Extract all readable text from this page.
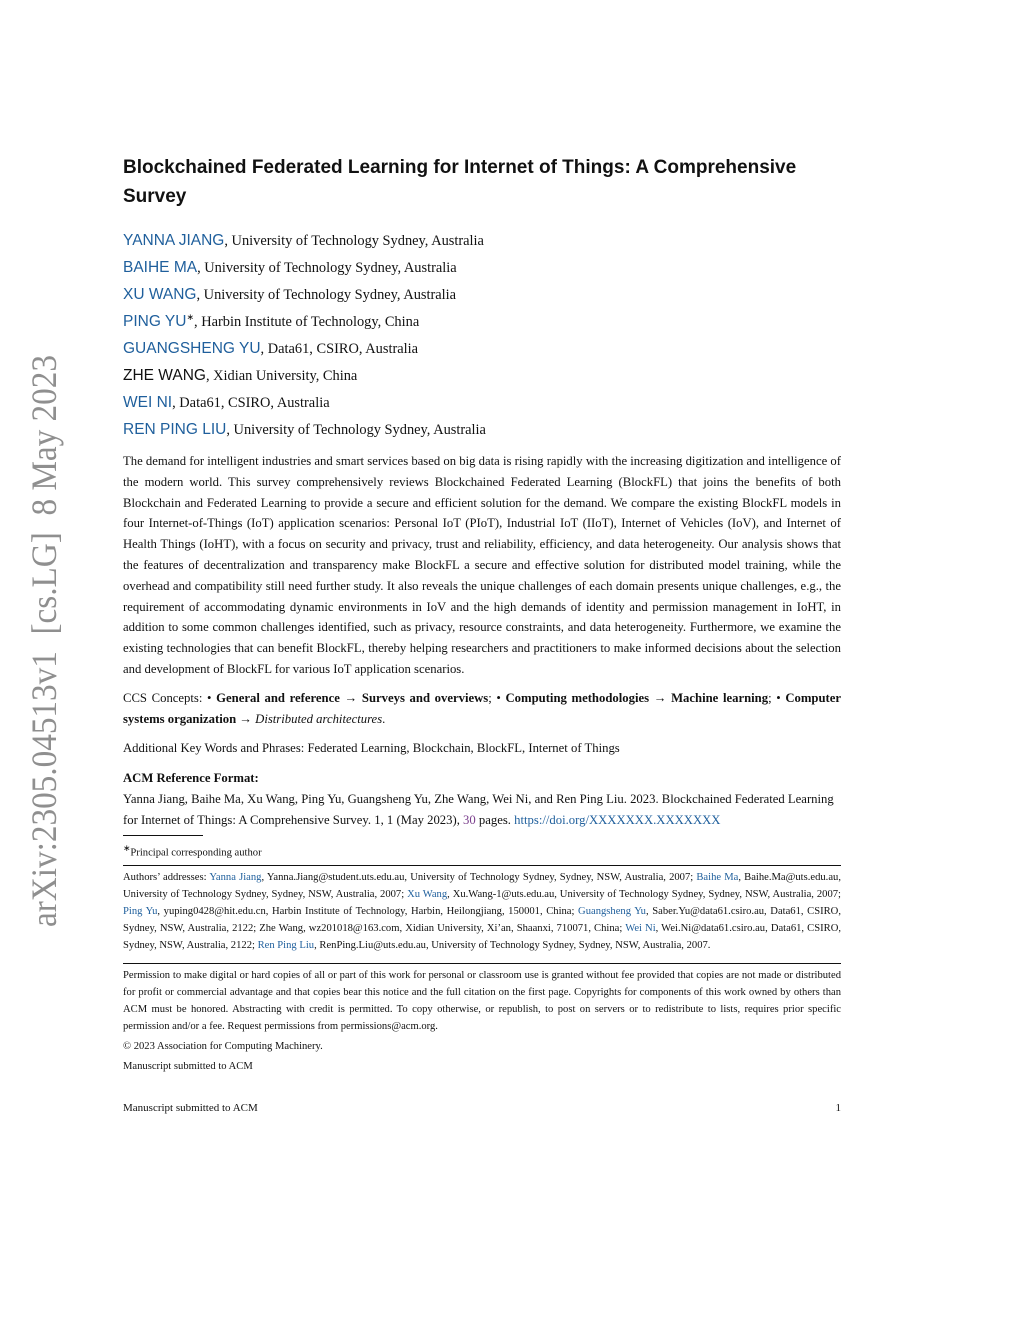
arXiv:2305.04513v1  [cs.LG]  8 May 2023
Blockchained Federated Learning for Internet of Things: A Comprehensive Survey
YANNA JIANG, University of Technology Sydney, Australia
BAIHE MA, University of Technology Sydney, Australia
XU WANG, University of Technology Sydney, Australia
PING YU∗, Harbin Institute of Technology, China
GUANGSHENG YU, Data61, CSIRO, Australia
ZHE WANG, Xidian University, China
WEI NI, Data61, CSIRO, Australia
REN PING LIU, University of Technology Sydney, Australia

The demand for intelligent industries and smart services based on big data is rising rapidly with the increasing digitization and intelligence of the modern world. This survey comprehensively reviews Blockchained Federated Learning (BlockFL) that joins the benefits of both Blockchain and Federated Learning to provide a secure and efficient solution for the demand. We compare the existing BlockFL models in four Internet-of-Things (IoT) application scenarios: Personal IoT (PIoT), Industrial IoT (IIoT), Internet of Vehicles (IoV), and Internet of Health Things (IoHT), with a focus on security and privacy, trust and reliability, efficiency, and data heterogeneity. Our analysis shows that the features of decentralization and transparency make BlockFL a secure and effective solution for distributed model training, while the overhead and compatibility still need further study. It also reveals the unique challenges of each domain presents unique challenges, e.g., the requirement of accommodating dynamic environments in IoV and the high demands of identity and permission management in IoHT, in addition to some common challenges identified, such as privacy, resource constraints, and data heterogeneity. Furthermore, we examine the existing technologies that can benefit BlockFL, thereby helping researchers and practitioners to make informed decisions about the selection and development of BlockFL for various IoT application scenarios.

CCS Concepts: • General and reference → Surveys and overviews; • Computing methodologies → Machine learning; • Computer systems organization → Distributed architectures.
Additional Key Words and Phrases: Federated Learning, Blockchain, BlockFL, Internet of Things
ACM Reference Format:
Yanna Jiang, Baihe Ma, Xu Wang, Ping Yu, Guangsheng Yu, Zhe Wang, Wei Ni, and Ren Ping Liu. 2023. Blockchained Federated Learning for Internet of Things: A Comprehensive Survey. 1, 1 (May 2023), 30 pages. https://doi.org/XXXXXXX.XXXXXXX
∗Principal corresponding author
Authors’ addresses: Yanna Jiang, Yanna.Jiang@student.uts.edu.au, University of Technology Sydney, Sydney, NSW, Australia, 2007; Baihe Ma, Baihe.Ma@uts.edu.au, University of Technology Sydney, Sydney, NSW, Australia, 2007; Xu Wang, Xu.Wang-1@uts.edu.au, University of Technology Sydney, Sydney, NSW, Australia, 2007; Ping Yu, yuping0428@hit.edu.cn, Harbin Institute of Technology, Harbin, Heilongjiang, 150001, China; Guangsheng Yu, Saber.Yu@data61.csiro.au, Data61, CSIRO, Sydney, NSW, Australia, 2122; Zhe Wang, wz201018@163.com, Xidian University, Xi’an, Shaanxi, 710071, China; Wei Ni, Wei.Ni@data61.csiro.au, Data61, CSIRO, Sydney, NSW, Australia, 2122; Ren Ping Liu, RenPing.Liu@uts.edu.au, University of Technology Sydney, Sydney, NSW, Australia, 2007.
Permission to make digital or hard copies of all or part of this work for personal or classroom use is granted without fee provided that copies are not made or distributed for profit or commercial advantage and that copies bear this notice and the full citation on the first page. Copyrights for components of this work owned by others than ACM must be honored. Abstracting with credit is permitted. To copy otherwise, or republish, to post on servers or to redistribute to lists, requires prior specific permission and/or a fee. Request permissions from permissions@acm.org.
© 2023 Association for Computing Machinery.
Manuscript submitted to ACM
Manuscript submitted to ACM	1
